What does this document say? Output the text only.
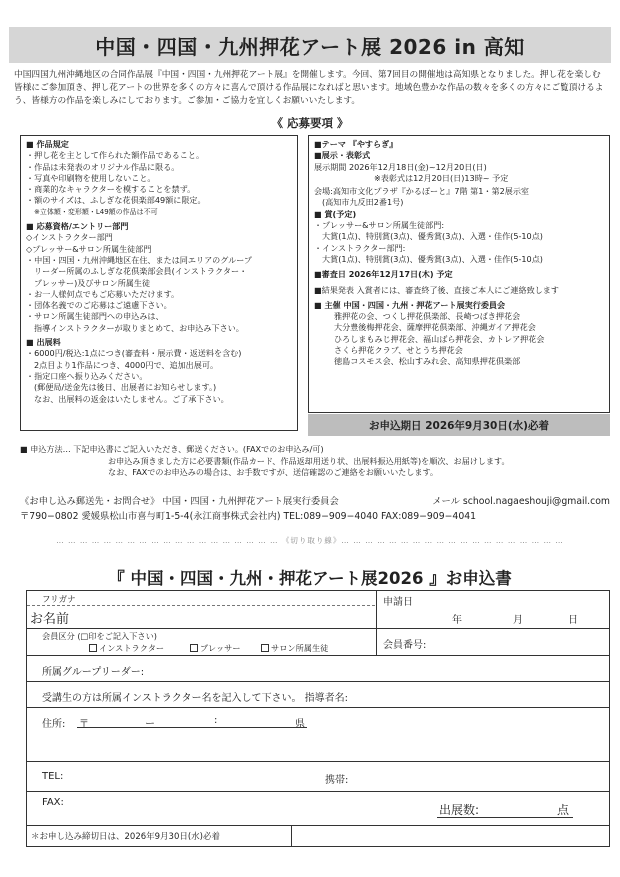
中国・四国・九州押花アート展 2026 in 高知
中国四国九州沖縄地区の合同作品展『中国・四国・九州押花アート展』を開催します。今回、第7回目の開催地は高知県となりました。押し花を楽しむ皆様にご参加頂き、押し花アートの世界を多くの方々に喜んで頂ける作品展になればと思います。地域色豊かな作品の数々を多くの方々にご覧頂けるよう、皆様方の作品を楽しみにしております。ご参加・ご協力を宜しくお願いいたします。
《 応募要項 》
■ 作品規定
・押し花を主として作られた額作品であること。
・作品は未発表のオリジナル作品に限る。
・写真や印刷物を使用しないこと。
・商業的なキャラクターを模することを禁ず。
・額のサイズは、ふしぎな花倶楽部49額に限定。
※立体額・変形額・L49額の作品は不可
■ 応募資格/エントリー部門
◇インストラクター部門
◇プレッサー&サロン所属生徒部門
・中国・四国・九州沖縄地区在住、または同エリアのグループ
リーダー所属のふしぎな花倶楽部会員(インストラクター・
プレッサー)及びサロン所属生徒
・お一人様何点でもご応募いただけます。
・団体名義でのご応募はご遠慮下さい。
・サロン所属生徒部門への申込みは、
指導インストラクターが取りまとめて、お申込み下さい。
■ 出展料
・6000円/税込:1点につき(審査料・展示費・返送料を含む)
2点目より1作品につき、4000円で、追加出展可。
・指定口座へ振り込みください。
(郵便局/送金先は後日、出展者にお知らせします。)
なお、出展料の返金はいたしません。ご了承下さい。
■テーマ 『やすらぎ』
■展示・表彰式
展示期間 2026年12月18日(金)~12月20日(日)
※表彰式は12月20日(日)13時~ 予定
会場:高知市文化プラザ『かるぽーと』7階 第1・第2展示室
(高知市九反田2番1号)
■ 賞(予定)
・プレッサー&サロン所属生徒部門:
大賞(1点)、特別賞(3点)、優秀賞(3点)、入選・佳作(5-10点)
・インストラクター部門:
大賞(1点)、特別賞(3点)、優秀賞(3点)、入選・佳作(5-10点)
■審査日 2026年12月17日(木) 予定
■結果発表 入賞者には、審査終了後、直接ご本人にご連絡致します
■ 主催 中国・四国・九州・押花アート展実行委員会
雅押花の会、つくし押花倶楽部、長崎つばき押花会
大分豊後梅押花会、薩摩押花倶楽部、沖縄ガイア押花会
ひろしまもみじ押花会、福山ばら押花会、カトレア押花会
さくら押花クラブ、せとうち押花会
徳島コスモス会、松山すみれ会、高知県押花倶楽部
お申込期日 2026年9月30日(水)必着
■ 申込方法… 下記申込書にご記入いただき、郵送ください。(FAXでのお申込み/可)
お申込み頂きました方に必要書類(作品カード、作品返却用送り状、出展料振込用紙等)を順次、お届けします。
なお、FAXでのお申込みの場合は、お手数ですが、送信確認のご連絡をお願いいたします。
《お申し込み郵送先・お問合せ》 中国・四国・九州押花アート展実行委員会	メール school.nagaeshouji@gmail.com
〒790−0802 愛媛県松山市喜与町1-5-4(永江商事株式会社内) TEL:089−909−4040 FAX:089−909−4041
… … … … … … … … … … … … … … … … … … … 《切り取り線》… … … … … … … … … … … … … … … … … … …
『 中国・四国・九州・押花アート展2026 』お申込書
フリガナ
お名前
申請日
年	月	日
会員区分 (□印をご記入下さい)
インストラクター	プレッサー	サロン所属生徒	会員番号:
所属グループリーダー:
受講生の方は所属インストラクター名を記入して下さい。 指導者名:
住所: 〒	ー	:	県
TEL:	携帯:
FAX:
出展数:	点
＊お申し込み締切日は、2026年9月30日(水)必着
